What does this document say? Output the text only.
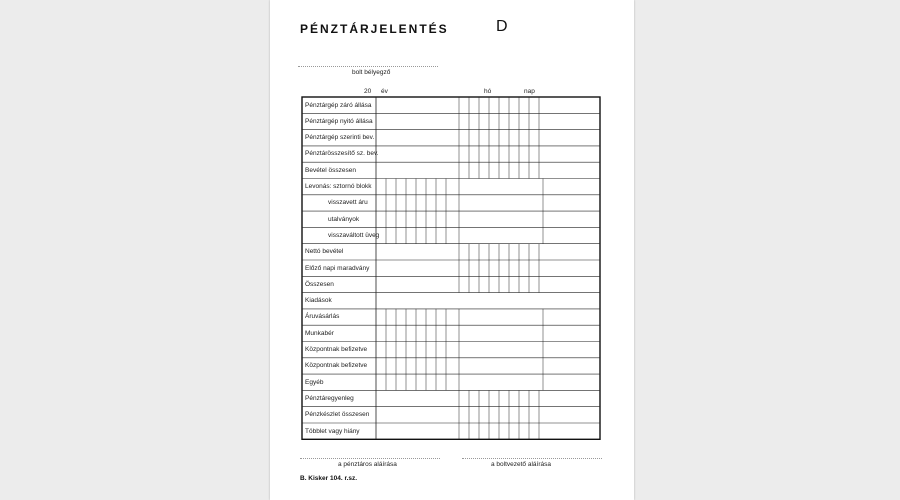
PÉNZTÁRJELENTÉS	D
bolt bélyegző
20 év	hó	nap
Pénztárgép záró állása
Pénztárgép nyitó állása
Pénztárgép szerinti bev.
Pénztárösszesítő sz. bev.
Bevétel összesen
Levonás: sztornó blokk
visszavett áru
utalványok
visszaváltott üveg
Nettó bevétel
Előző napi maradvány
Összesen
Kiadások
Áruvásárlás
Munkabér
Központnak befizetve
Központnak befizetve
Egyéb
Pénztáregyenleg
Pénzkészlet összesen
Többlet vagy hiány
a pénztáros aláírása	a boltvezető aláírása
B. Kisker 104. r.sz.
